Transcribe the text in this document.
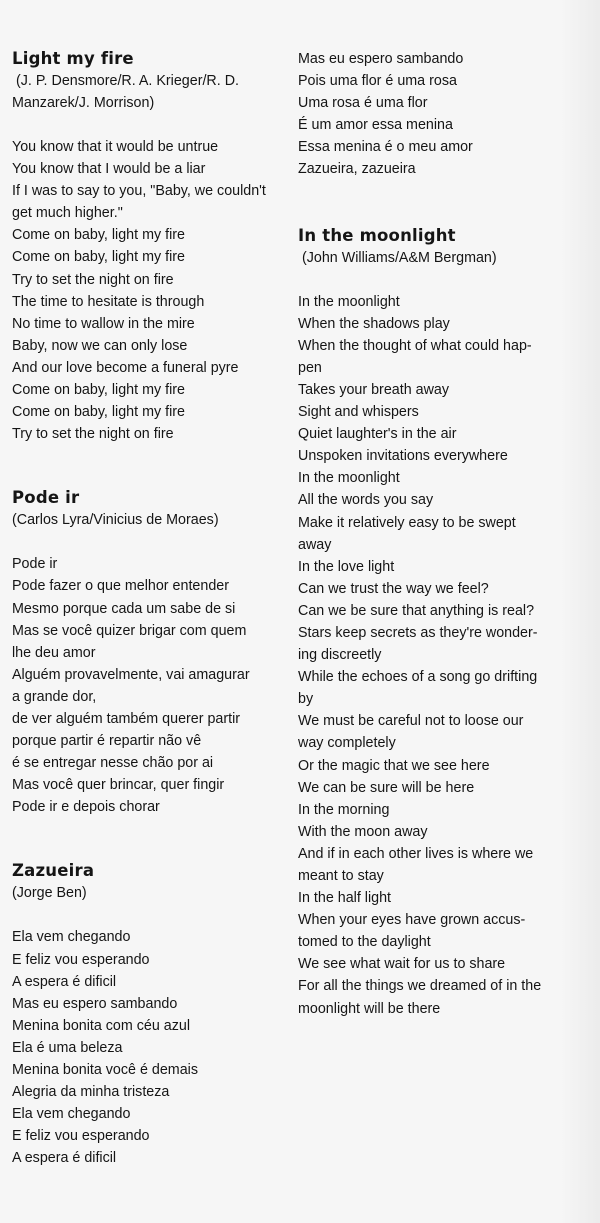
Light my fire

(J. P. Densmore/R. A. Krieger/R. D.

Manzarek/J. Morrison)

You know that it would be untrue
You know that I would be a liar
If I was to say to you, "Baby, we couldn't
get much higher."
Come on baby, light my fire
Come on baby, light my fire
Try to set the night on fire
The time to hesitate is through
No time to wallow in the mire
Baby, now we can only lose
And our love become a funeral pyre
Come on baby, light my fire
Come on baby, light my fire
Try to set the night on fire
Pode ir

(Carlos Lyra/Vinicius de Moraes)

Pode ir
Pode fazer o que melhor entender
Mesmo porque cada um sabe de si
Mas se você quizer brigar com quem
lhe deu amor
Alguém provavelmente, vai amagurar
a grande dor,
de ver alguém também querer partir
porque partir é repartir não vê
é se entregar nesse chão por ai
Mas você quer brincar, quer fingir
Pode ir e depois chorar
Zazueira

(Jorge Ben)

Ela vem chegando
E feliz vou esperando
A espera é dificil
Mas eu espero sambando
Menina bonita com céu azul
Ela é uma beleza
Menina bonita você é demais
Alegria da minha tristeza
Ela vem chegando
E feliz vou esperando
A espera é dificil
Mas eu espero sambando
Pois uma flor é uma rosa
Uma rosa é uma flor
É um amor essa menina
Essa menina é o meu amor
Zazueira, zazueira
In the moonlight

(John Williams/A&M Bergman)

In the moonlight
When the shadows play
When the thought of what could hap-
pen
Takes your breath away
Sight and whispers
Quiet laughter's in the air
Unspoken invitations everywhere
In the moonlight
All the words you say
Make it relatively easy to be swept
away
In the love light
Can we trust the way we feel?
Can we be sure that anything is real?
Stars keep secrets as they're wonder-
ing discreetly
While the echoes of a song go drifting
by
We must be careful not to loose our
way completely
Or the magic that we see here
We can be sure will be here
In the morning
With the moon away
And if in each other lives is where we
meant to stay
In the half light
When your eyes have grown accus-
tomed to the daylight
We see what wait for us to share
For all the things we dreamed of in the
moonlight will be there
